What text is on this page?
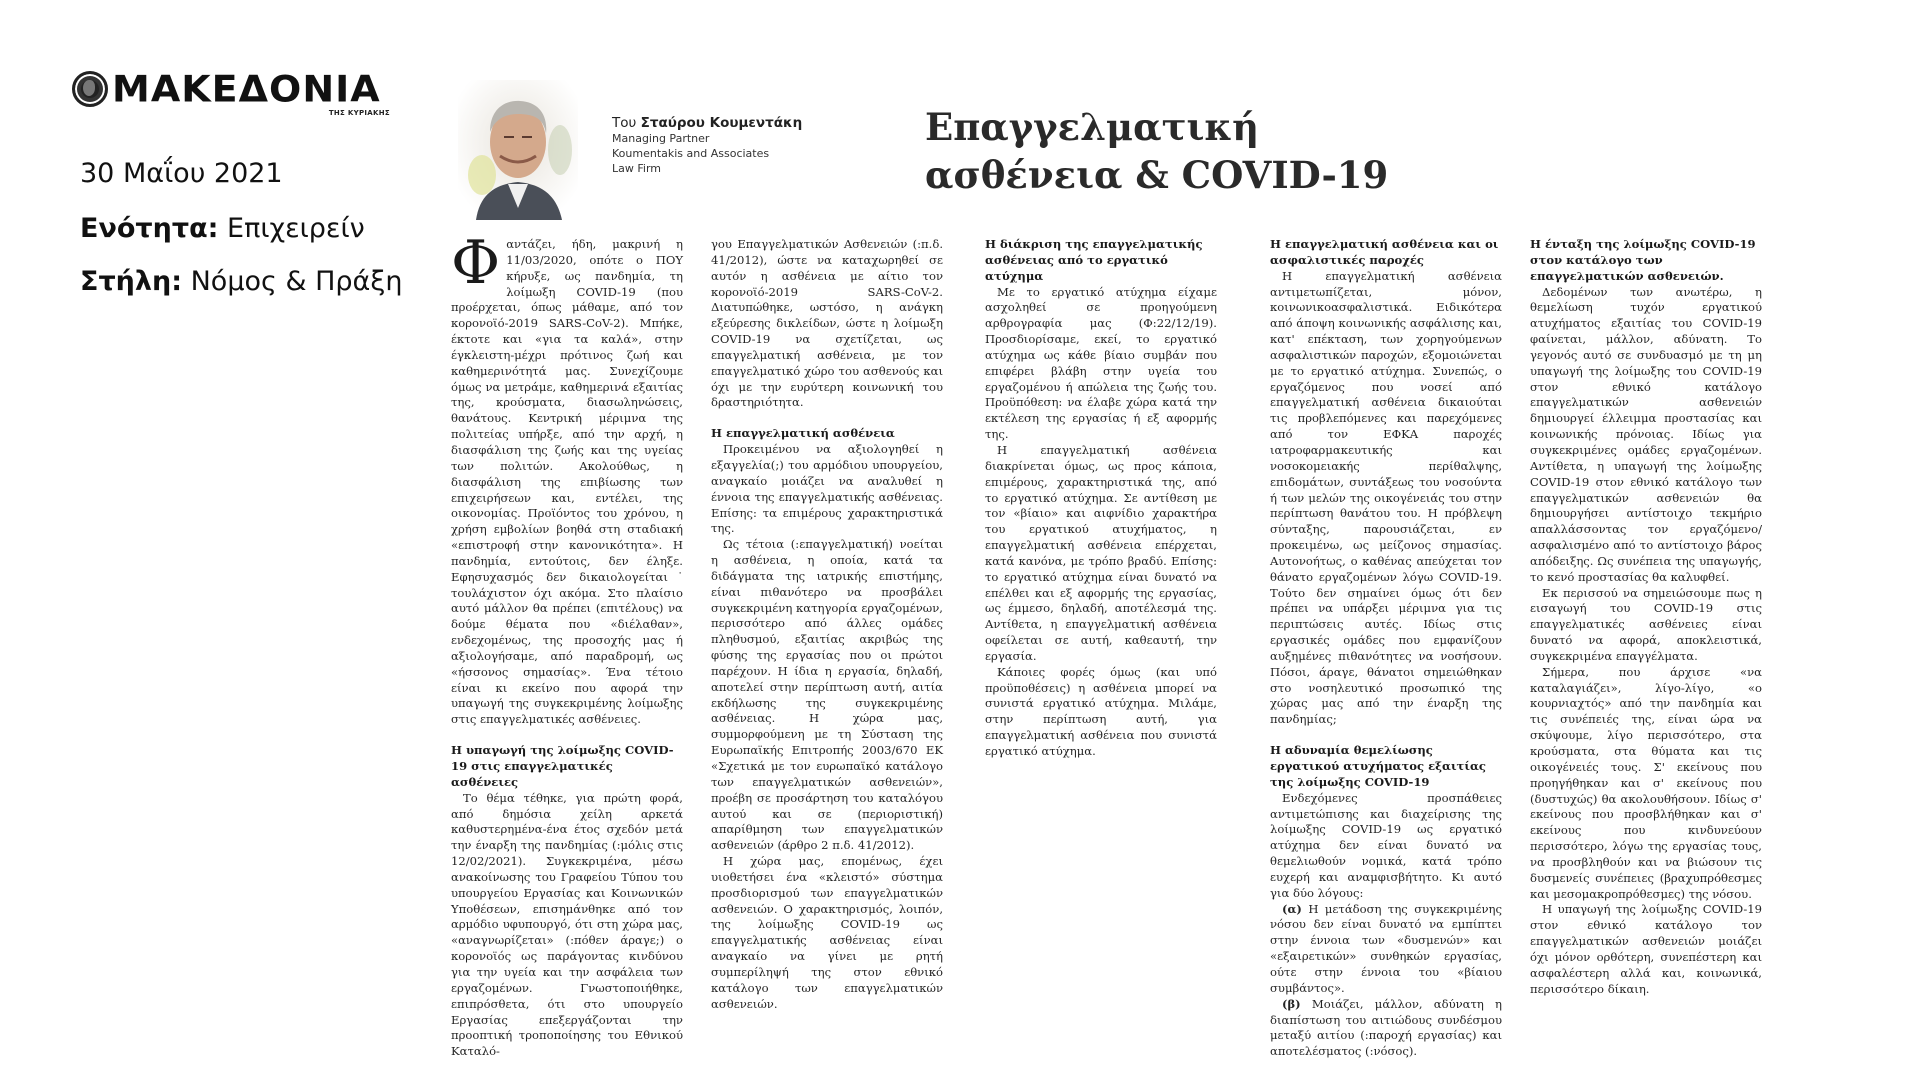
ΜΑΚΕΔΟΝΙΑ
ΤΗΣ ΚΥΡΙΑΚΗΣ
30 Μαΐου 2021
Ενότητα: Επιχειρείν
Στήλη: Νόμος & Πράξη
Του Σταύρου Κουμεντάκη
Managing Partner
Koumentakis and Associates
Law Firm
Επαγγελματική
ασθένεια & COVID-19
Φ αντάζει, ήδη, μακρινή η 11/03/2020, οπότε ο ΠΟΥ κήρυξε, ως πανδημία, τη λοίμωξη COVID-19 (που προέρχεται, όπως μάθαμε, από τον κορονοϊό-2019 SARS-CoV-2). Μπήκε, έκτοτε και «για τα καλά», στην έγκλειστη-μέχρι πρότινος ζωή και καθημερινότητά μας. Συνεχίζουμε όμως να μετράμε, καθημερινά εξαιτίας της, κρούσματα, διασωληνώσεις, θανάτους. Κεντρική μέριμνα της πολιτείας υπήρξε, από την αρχή, η διασφάλιση της ζωής και της υγείας των πολιτών. Ακολούθως, η διασφάλιση της επιβίωσης των επιχειρήσεων και, εντέλει, της οικονομίας. Προϊόντος του χρόνου, η χρήση εμβολίων βοηθά στη σταδιακή «επιστροφή στην κανονικότητα». Η πανδημία, εντούτοις, δεν έληξε. Εφησυχασμός δεν δικαιολογείται˙ τουλάχιστον όχι ακόμα. Στο πλαίσιο αυτό μάλλον θα πρέπει (επιτέλους) να δούμε θέματα που «διέλαθαν», ενδεχομένως, της προσοχής μας ή αξιολογήσαμε, από παραδρομή, ως «ήσσονος σημασίας». Ένα τέτοιο είναι κι εκείνο που αφορά την υπαγωγή της συγκεκριμένης λοίμωξης στις επαγγελματικές ασθένειες.

Η υπαγωγή της λοίμωξης COVID-19 στις επαγγελματικές ασθένειες

Το θέμα τέθηκε, για πρώτη φορά, από δημόσια χείλη αρκετά καθυστερημένα-ένα έτος σχεδόν μετά την έναρξη της πανδημίας (:μόλις στις 12/02/2021). Συγκεκριμένα, μέσω ανακοίνωσης του Γραφείου Τύπου του υπουργείου Εργασίας και Κοινωνικών Υποθέσεων, επισημάνθηκε από τον αρμόδιο υφυπουργό, ότι στη χώρα μας, «αναγνωρίζεται» (:πόθεν άραγε;) ο κορονοϊός ως παράγοντας κινδύνου για την υγεία και την ασφάλεια των εργαζομένων. Γνωστοποιήθηκε, επιπρόσθετα, ότι στο υπουργείο Εργασίας επεξεργάζονται την προοπτική τροποποίησης του Εθνικού Καταλό-

γου Επαγγελματικών Ασθενειών (:π.δ. 41/2012), ώστε να καταχωρηθεί σε αυτόν η ασθένεια με αίτιο τον κορονοϊό-2019 SARS-CoV-2. Διατυπώθηκε, ωστόσο, η ανάγκη εξεύρεσης δικλείδων, ώστε η λοίμωξη COVID-19 να σχετίζεται, ως επαγγελματική ασθένεια, με τον επαγγελματικό χώρο του ασθενούς και όχι με την ευρύτερη κοινωνική του δραστηριότητα.

Η επαγγελματική ασθένεια

Προκειμένου να αξιολογηθεί η εξαγγελία(;) του αρμόδιου υπουργείου, αναγκαίο μοιάζει να αναλυθεί η έννοια της επαγγελματικής ασθένειας. Επίσης: τα επιμέρους χαρακτηριστικά της.

Ως τέτοια (:επαγγελματική) νοείται η ασθένεια, η οποία, κατά τα διδάγματα της ιατρικής επιστήμης, είναι πιθανότερο να προσβάλει συγκεκριμένη κατηγορία εργαζομένων, περισσότερο από άλλες ομάδες πληθυσμού, εξαιτίας ακριβώς της φύσης της εργασίας που οι πρώτοι παρέχουν. Η ίδια η εργασία, δηλαδή, αποτελεί στην περίπτωση αυτή, αιτία εκδήλωσης της συγκεκριμένης ασθένειας. Η χώρα μας, συμμορφούμενη με τη Σύσταση της Ευρωπαϊκής Επιτροπής 2003/670 ΕΚ «Σχετικά με τον ευρωπαϊκό κατάλογο των επαγγελματικών ασθενειών», προέβη σε προσάρτηση του καταλόγου αυτού και σε (περιοριστική) απαρίθμηση των επαγγελματικών ασθενειών (άρθρο 2 π.δ. 41/2012).

Η χώρα μας, επομένως, έχει υιοθετήσει ένα «κλειστό» σύστημα προσδιορισμού των επαγγελματικών ασθενειών. Ο χαρακτηρισμός, λοιπόν, της λοίμωξης COVID-19 ως επαγγελματικής ασθένειας είναι αναγκαίο να γίνει με ρητή συμπερίληψή της στον εθνικό κατάλογο των επαγγελματικών ασθενειών.

Η διάκριση της επαγγελματικής ασθένειας από το εργατικό ατύχημα

Με το εργατικό ατύχημα είχαμε ασχοληθεί σε προηγούμενη αρθρογραφία μας (Φ:22/12/19). Προσδιορίσαμε, εκεί, το εργατικό ατύχημα ως κάθε βίαιο συμβάν που επιφέρει βλάβη στην υγεία του εργαζομένου ή απώλεια της ζωής του. Προϋπόθεση: να έλαβε χώρα κατά την εκτέλεση της εργασίας ή εξ αφορμής της.

Η επαγγελματική ασθένεια διακρίνεται όμως, ως προς κάποια, επιμέρους, χαρακτηριστικά της, από το εργατικό ατύχημα. Σε αντίθεση με τον «βίαιο» και αιφνίδιο χαρακτήρα του εργατικού ατυχήματος, η επαγγελματική ασθένεια επέρχεται, κατά κανόνα, με τρόπο βραδύ. Επίσης: το εργατικό ατύχημα είναι δυνατό να επέλθει και εξ αφορμής της εργασίας, ως έμμεσο, δηλαδή, αποτέλεσμά της. Αντίθετα, η επαγγελματική ασθένεια οφείλεται σε αυτή, καθεαυτή, την εργασία.

Κάποιες φορές όμως (και υπό προϋποθέσεις) η ασθένεια μπορεί να συνιστά εργατικό ατύχημα. Μιλάμε, στην περίπτωση αυτή, για επαγγελματική ασθένεια που συνιστά εργατικό ατύχημα.

Η επαγγελματική ασθένεια και οι ασφαλιστικές παροχές

Η επαγγελματική ασθένεια αντιμετωπίζεται, μόνον, κοινωνικοασφαλιστικά. Ειδικότερα από άποψη κοινωνικής ασφάλισης και, κατ' επέκταση, των χορηγούμενων ασφαλιστικών παροχών, εξομοιώνεται με το εργατικό ατύχημα. Συνεπώς, ο εργαζόμενος που νοσεί από επαγγελματική ασθένεια δικαιούται τις προβλεπόμενες και παρεχόμενες από τον ΕΦΚΑ παροχές ιατροφαρμακευτικής και νοσοκομειακής περίθαλψης, επιδομάτων, συντάξεως του νοσούντα ή των μελών της οικογένειάς του στην περίπτωση θανάτου του. Η πρόβλεψη σύνταξης, παρουσιάζεται, εν προκειμένω, ως μείζονος σημασίας. Αυτονοήτως, ο καθένας απεύχεται τον θάνατο εργαζομένων λόγω COVID-19. Τούτο δεν σημαίνει όμως ότι δεν πρέπει να υπάρξει μέριμνα για τις περιπτώσεις αυτές. Ιδίως στις εργασικές ομάδες που εμφανίζουν αυξημένες πιθανότητες να νοσήσουν. Πόσοι, άραγε, θάνατοι σημειώθηκαν στο νοσηλευτικό προσωπικό της χώρας μας από την έναρξη της πανδημίας;

Η αδυναμία θεμελίωσης εργατικού ατυχήματος εξαιτίας της λοίμωξης COVID-19

Ενδεχόμενες προσπάθειες αντιμετώπισης και διαχείρισης της λοίμωξης COVID-19 ως εργατικό ατύχημα δεν είναι δυνατό να θεμελιωθούν νομικά, κατά τρόπο ευχερή και αναμφισβήτητο. Κι αυτό για δύο λόγους:

(α) Η μετάδοση της συγκεκριμένης νόσου δεν είναι δυνατό να εμπίπτει στην έννοια των «δυσμενών» και «εξαιρετικών» συνθηκών εργασίας, ούτε στην έννοια του «βίαιου συμβάντος».

(β) Μοιάζει, μάλλον, αδύνατη η διαπίστωση του αιτιώδους συνδέσμου μεταξύ αιτίου (:παροχή εργασίας) και αποτελέσματος (:νόσος).

Η ένταξη της λοίμωξης COVID-19 στον κατάλογο των επαγγελματικών ασθενειών.

Δεδομένων των ανωτέρω, η θεμελίωση τυχόν εργατικού ατυχήματος εξαιτίας του COVID-19 φαίνεται, μάλλον, αδύνατη. Το γεγονός αυτό σε συνδυασμό με τη μη υπαγωγή της λοίμωξης του COVID-19 στον εθνικό κατάλογο επαγγελματικών ασθενειών δημιουργεί έλλειμμα προστασίας και κοινωνικής πρόνοιας. Ιδίως για συγκεκριμένες ομάδες εργαζομένων. Αντίθετα, η υπαγωγή της λοίμωξης COVID-19 στον εθνικό κατάλογο των επαγγελματικών ασθενειών θα δημιουργήσει αντίστοιχο τεκμήριο απαλλάσσοντας τον εργαζόμενο/ασφαλισμένο από το αντίστοιχο βάρος απόδειξης. Ως συνέπεια της υπαγωγής, το κενό προστασίας θα καλυφθεί.

Εκ περισσού να σημειώσουμε πως η εισαγωγή του COVID-19 στις επαγγελματικές ασθένειες είναι δυνατό να αφορά, αποκλειστικά, συγκεκριμένα επαγγέλματα.

Σήμερα, που άρχισε «να καταλαγιάζει», λίγο-λίγο, «ο κουρνιαχτός» από την πανδημία και τις συνέπειές της, είναι ώρα να σκύψουμε, λίγο περισσότερο, στα κρούσματα, στα θύματα και τις οικογένειές τους. Σ' εκείνους που προηγήθηκαν και σ' εκείνους που (δυστυχώς) θα ακολουθήσουν. Ιδίως σ' εκείνους που προσβλήθηκαν και σ' εκείνους που κινδυνεύουν περισσότερο, λόγω της εργασίας τους, να προσβληθούν και να βιώσουν τις δυσμενείς συνέπειες (βραχυπρόθεσμες και μεσομακροπρόθεσμες) της νόσου.

Η υπαγωγή της λοίμωξης COVID-19 στον εθνικό κατάλογο τον επαγγελματικών ασθενειών μοιάζει όχι μόνον ορθότερη, συνεπέστερη και ασφαλέστερη αλλά και, κοινωνικά, περισσότερο δίκαιη.
